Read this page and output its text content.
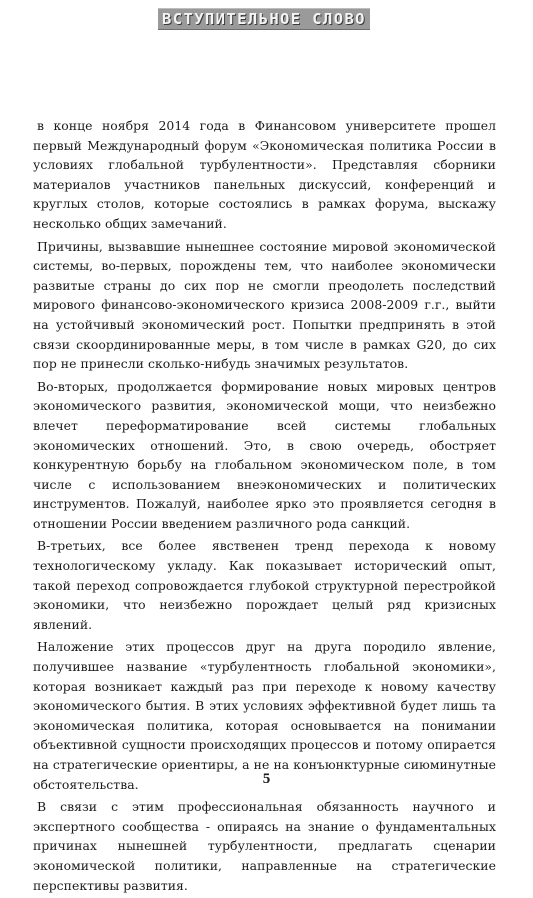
ВСТУПИТЕЛЬНОЕ СЛОВО

в конце ноября 2014 года в Финансовом университете прошел первый Международный форум «Экономическая политика России в условиях глобальной турбулентности». Представляя сборники материалов участников панельных дискуссий, конференций и круглых столов, которые состоялись в рамках форума, выскажу несколько общих замечаний.

Причины, вызвавшие нынешнее состояние мировой экономической системы, во-первых, порождены тем, что наиболее экономически развитые страны до сих пор не смогли преодолеть последствий мирового финансово-экономического кризиса 2008-2009 г.г., выйти на устойчивый экономический рост. Попытки предпринять в этой связи скоординированные меры, в том числе в рамках G20, до сих пор не принесли сколько-нибудь значимых результатов.

Во-вторых, продолжается формирование новых мировых центров экономического развития, экономической мощи, что неизбежно влечет переформатирование всей системы глобальных экономических отношений. Это, в свою очередь, обостряет конкурентную борьбу на глобальном экономическом поле, в том числе с использованием внеэкономических и политических инструментов. Пожалуй, наиболее ярко это проявляется сегодня в отношении России введением различного рода санкций.

В-третьих, все более явственен тренд перехода к новому технологическому укладу. Как показывает исторический опыт, такой переход сопровождается глубокой структурной перестройкой экономики, что неизбежно порождает целый ряд кризисных явлений.

Наложение этих процессов друг на друга породило явление, получившее название «турбулентность глобальной экономики», которая возникает каждый раз при переходе к новому качеству экономического бытия. В этих условиях эффективной будет лишь та экономическая политика, которая основывается на понимании объективной сущности происходящих процессов и потому опирается на стратегические ориентиры, а не на конъюнктурные сиюминутные обстоятельства.

В связи с этим профессиональная обязанность научного и экспертного сообщества - опираясь на знание о фундаментальных причинах нынешней турбулентности, предлагать сценарии экономической политики, направленные на стратегические перспективы развития.

5
